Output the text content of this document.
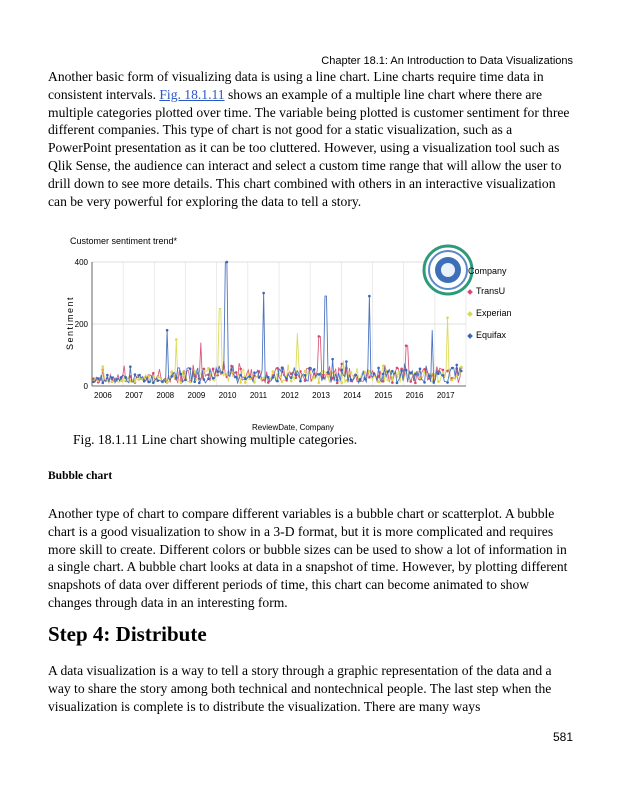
Chapter 18.1: An Introduction to Data Visualizations

Another basic form of visualizing data is using a line chart. Line charts require time data in consistent intervals. Fig. 18.1.11 shows an example of a multiple line chart where there are multiple categories plotted over time. The variable being plotted is customer sentiment for three different companies. This type of chart is not good for a static visualization, such as a PowerPoint presentation as it can be too cluttered. However, using a visualization tool such as Qlik Sense, the audience can interact and select a custom time range that will allow the user to drill down to see more details. This chart combined with others in an interactive visualization can be very powerful for exploring the data to tell a story.

Customer sentiment trend*
0
200
400
2006 2007 2008 2009 2010 2011 2012 2013 2014 2015 2016 2017
Sentiment
ReviewDate, Company
Company
TransU
Experian
Equifax
Fig. 18.1.11 Line chart showing multiple categories.
Bubble chart

Another type of chart to compare different variables is a bubble chart or scatterplot. A bubble chart is a good visualization to show in a 3-D format, but it is more complicated and requires more skill to create. Different colors or bubble sizes can be used to show a lot of information in a single chart. A bubble chart looks at data in a snapshot of time. However, by plotting different snapshots of data over different periods of time, this chart can become animated to show changes through data in an interesting form.

Step 4: Distribute

A data visualization is a way to tell a story through a graphic representation of the data and a way to share the story among both technical and nontechnical people. The last step when the visualization is complete is to distribute the visualization. There are many ways

581
